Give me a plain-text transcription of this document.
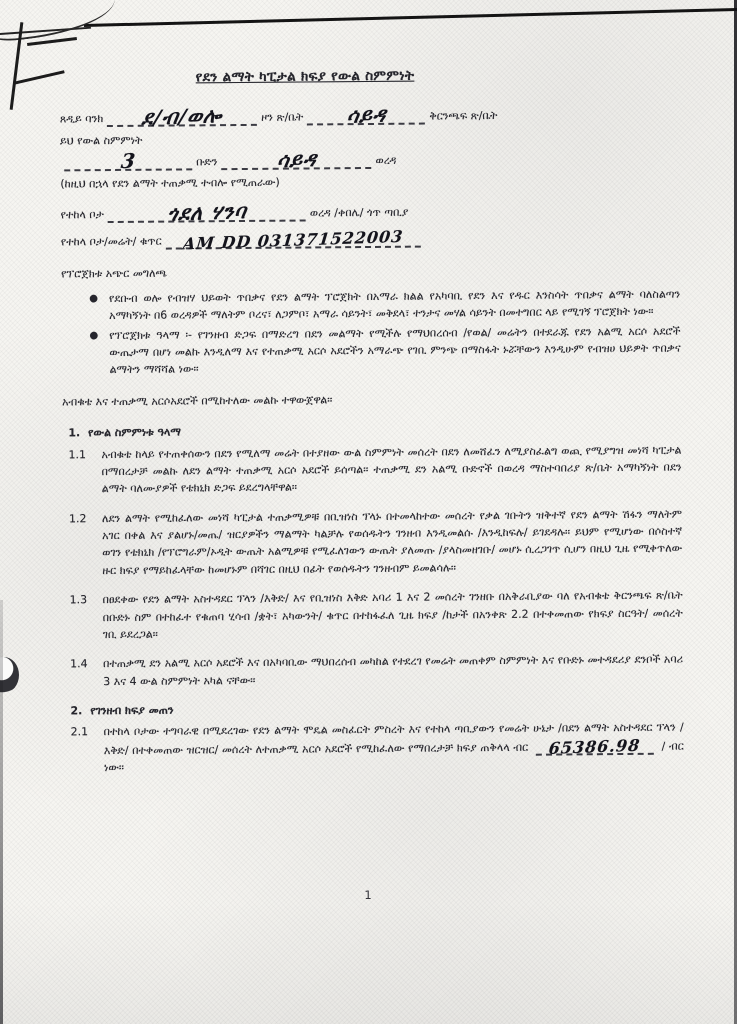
የደን ልማት ካፒታል ክፍያ የውል ስምምነት
ጸዲይ ባንክ	ደ/ብ/ወሎ	ዞን ጽ/ቤት	ሳይዳ	ቅርንጫፍ ጽ/ቤት
ይህ የውል ስምምነት
3	ቡድን	ሳይዳ	ወረዳ
(ከዚህ በኋላ የደን ልማት ተጠቃሚ ተብሎ የሚጠራው)
የተከላ ቦታ	ጎደለ ሃንባ	ወረዳ /ቀበሌ/ ጎጥ ጣቢያ
የተከላ ቦታ/መሬት/ ቁጥር	AM DD 031371522003
የፕሮጀክቱ አጭር መግለጫ
● የደቡብ ወሎ የብዝሃ ህይወት ጥበቃና የደን ልማት ፕሮጀክት በአማራ ክልል የአካባቢ የደን እና የዱር እንስሳት ጥበቃና ልማት ባለስልጣን አማካኝነት በ6 ወረዳዎች ማለትም ቦረና፣ ለጋምቦ፣ አማራ ሳይንት፣ መቅደላ፣ ተንታና መሃል ሳይንት በመተግበር ላይ የሚገኝ ፕሮጀክት ነው።
● የፕሮጀክቱ ዓላማ ፡- የገንዘብ ድጋፍ በማድረግ በደን መልማት የሚችሉ የማህበረሰብ /የወል/ መሬትን በተደራጁ የደን አልሚ አርሶ አደሮች ውጤታማ በሆነ መልኩ እንዲለማ እና የተጠቃሚ አርሶ አደሮችን አማራጭ የገቢ ምንጭ በማስፋት ኑሯቸውን እንዲሁም የብዝሀ ህይዎት ጥበቃና ልማትን ማሻሻል ነው።
አብቁቴ እና ተጠቃሚ አርሶአደሮች በሚከተለው መልኩ ተዋውጀዋል።
1. የውል ስምምነቱ ዓላማ
1.1	አብቁቴ ከላይ የተጠቀሰውን በደን የሚለማ መሬት በተያዘው ውል ስምምነት መሰረት በደን ለመሸፈን ለሚያስፈልግ ወጪ የሚያግዝ መነሻ ካፒታል በማበረታቻ መልኩ ለደን ልማት ተጠቃሚ አርሶ አደሮች ይሰጣል። ተጠቃሚ ደን አልሚ ቡድኖች በወረዳ ማስተባበሪያ ጽ/ቤት አማካኝነት በደን ልማት ባለሙያዎች የቴክኒክ ድጋፍ ይደረግላቸዋል።
1.2	ለደን ልማት የሚከፈለው መነሻ ካፒታል ተጠቃሚዎቹ በቢዝነስ ፕላኑ በተመላከተው መሰረት የቃል ገቡትን ዝቅተኛ የደን ልማት ሽፋን ማለትም አገር በቀል እና ያልሆኑ/መጤ/ ዝርያዎችን ማልማት ካልቻሉ የወሰዱትን ገንዘብ እንዲመልሱ /እንዲከፍሉ/ ይገደዳሉ። ይህም የሚሆነው በሶስተኛ ወገን የቴክኒክ /የፕሮግራም/ኦዲት ውጤት አልሚዎቹ የሚፈለገውን ውጤት ያለመጡ /ያላስመዘገቡ/ መሆኑ ሲረጋገጥ ሲሆን በዚህ ጊዜ የሚቀጥለው ዙር ክፍያ የማይከፈላቸው ከመሆኑም በሻገር በዚህ በፊት የወሰዱትን ገንዘብም ይመልሳሉ።
1.3	በፀደቀው የደን ልማት አስተዳደር ፕላን /እቅድ/ እና የቢዝነስ እቅድ አባሪ 1 እና 2 መሰረት ገንዘቡ በአቅራቢያው ባለ የአብቁቴ ቅርንጫፍ ጽ/ቤት በቡድኑ ስም በተከፈተ የቁጠባ ሂሳብ /ቋት፣ አካውንት/ ቁጥር በተከፋፈለ ጊዜ ክፍያ /ከታች በአንቀጽ 2.2 በተቀመጠው የክፍያ ስርዓት/ መሰረት ገቢ ይደረጋል።
1.4	በተጠቃሚ ደን አልሚ አርሶ አደሮች እና በአካባቢው ማህበረሰብ መካከል የተደረገ የመሬት መጠቀም ስምምነት እና የቡድኑ መተዳደሪያ ደንቦች አባሪ 3 እና 4 ውል ስምምነት አካል ናቸው።
2. የገንዘብ ክፍያ መጠን
2.1	በተከላ ቦታው ተግባራዊ በሚደረገው የደን ልማት ሞዴል መስፈርት ምስረት እና የተከላ ጣቢያውን የመሬት ሁኔታ /በደን ልማት አስተዳደር ፕላን /እቅድ/ በተቀመጠው ዝርዝር/ መሰረት ለተጠቃሚ አርሶ አደሮች የሚከፈለው የማበረታቻ ክፍያ ጠቅላላ ብር 65386.98 / ብር ነው።
1
